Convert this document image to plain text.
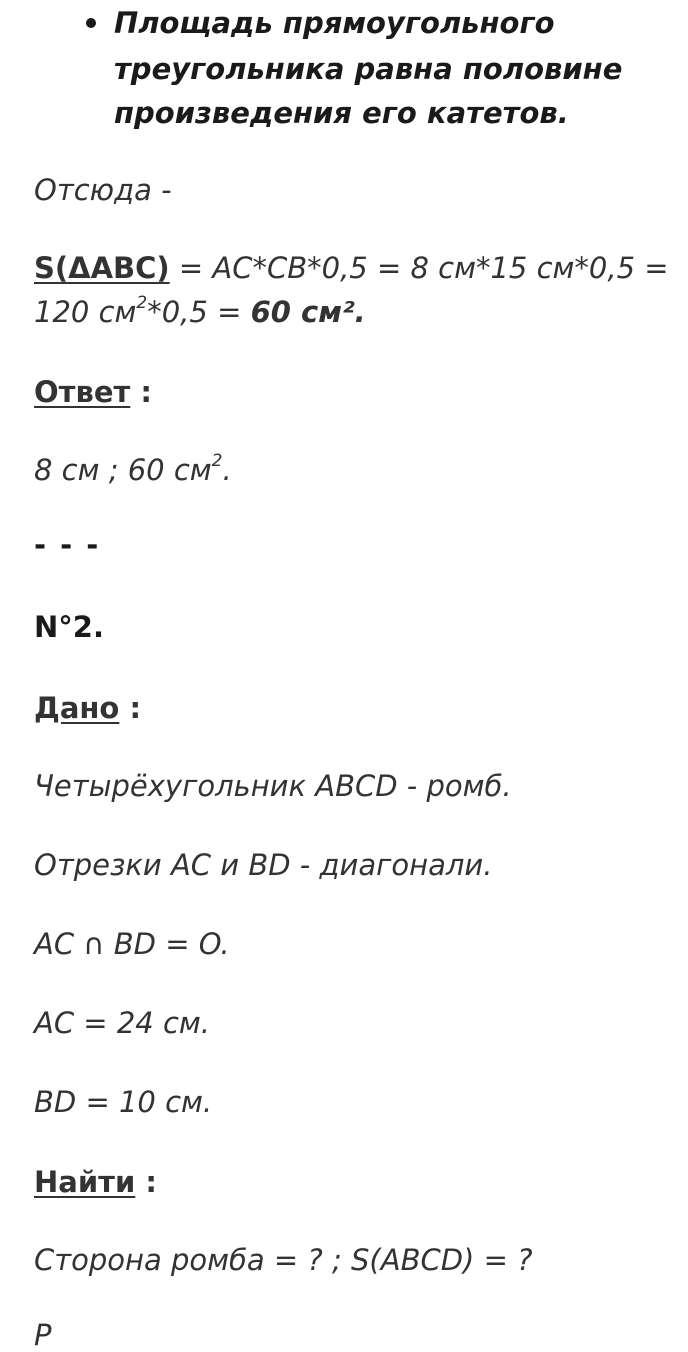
Площадь прямоугольного
треугольника равна половине
произведения его катетов.
Отсюда -
S(ΔABC) = AC*CB*0,5 = 8 см*15 см*0,5 =
120 $см^2*0,5 = 60$ см².
Ответ :
8 см ; 60 $см^2$.
- - -
N°2.
Дано :
Четырёхугольник ABCD - ромб.
Отрезки AC и BD - диагонали.
AC ∩ BD = O.
AC = 24 см.
BD = 10 см.
Найти :
Сторона ромба = ? ; S(ABCD) = ?
Р
